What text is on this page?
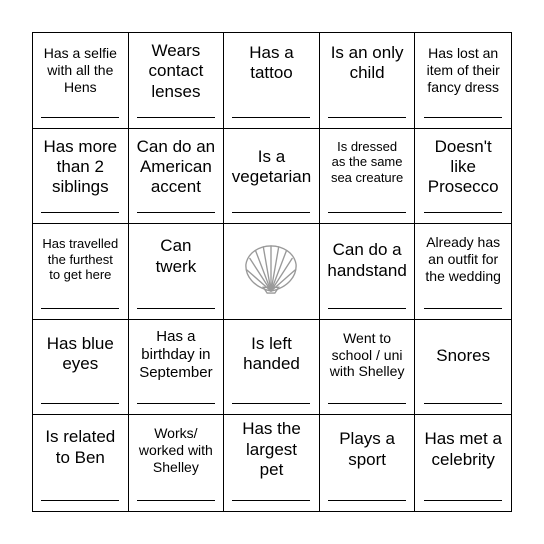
Has a selfie
with all the
Hens
Wears
contact
lenses
Has a
tattoo
Is an only
child
Has lost an
item of their
fancy dress
Has more
than 2
siblings
Can do an
American
accent
Is a
vegetarian
Is dressed
as the same
sea creature
Doesn't
like
Prosecco
Has travelled
the furthest
to get here
Can
twerk
Can do a
handstand
Already has
an outfit for
the wedding
Has blue
eyes
Has a
birthday in
September
Is left
handed
Went to
school / uni
with Shelley
Snores
Is related
to Ben
Works/
worked with
Shelley
Has the
largest
pet
Plays a
sport
Has met a
celebrity
